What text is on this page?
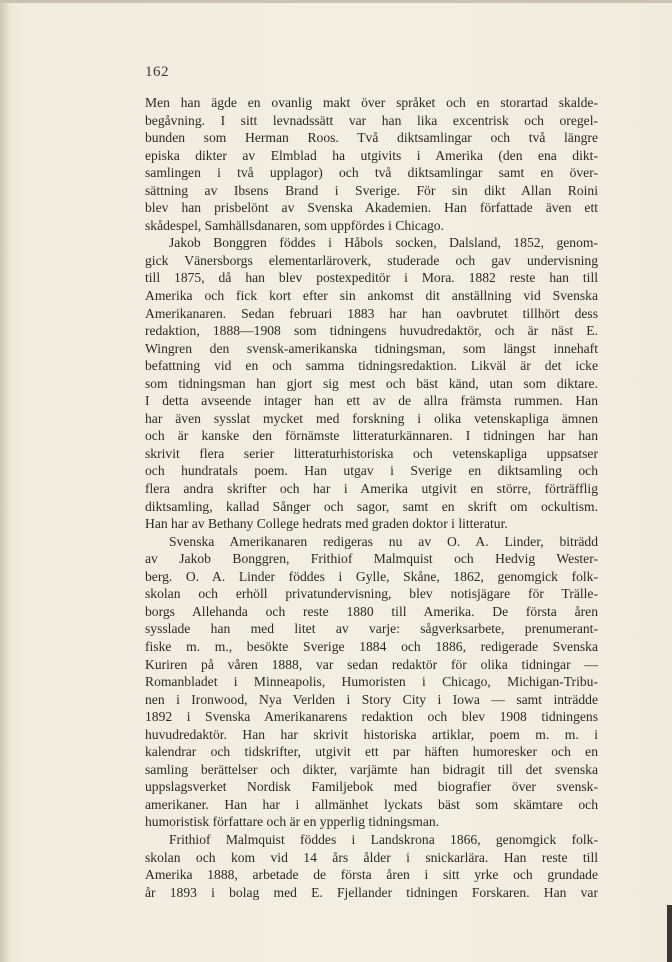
162
Men han ägde en ovanlig makt över språket och en storartad skalde-
begåvning. I sitt levnadssätt var han lika excentrisk och oregel-
bunden som Herman Roos. Två diktsamlingar och två längre
episka dikter av Elmblad ha utgivits i Amerika (den ena dikt-
samlingen i två upplagor) och två diktsamlingar samt en över-
sättning av Ibsens Brand i Sverige. För sin dikt Allan Roini
blev han prisbelönt av Svenska Akademien. Han författade även ett
skådespel, Samhällsdanaren, som uppfördes i Chicago.
Jakob Bonggren föddes i Håbols socken, Dalsland, 1852, genom-
gick Vänersborgs elementarläroverk, studerade och gav undervisning
till 1875, då han blev postexpeditör i Mora. 1882 reste han till
Amerika och fick kort efter sin ankomst dit anställning vid Svenska
Amerikanaren. Sedan februari 1883 har han oavbrutet tillhört dess
redaktion, 1888—1908 som tidningens huvudredaktör, och är näst E.
Wingren den svensk-amerikanska tidningsman, som längst innehaft
befattning vid en och samma tidningsredaktion. Likväl är det icke
som tidningsman han gjort sig mest och bäst känd, utan som diktare.
I detta avseende intager han ett av de allra främsta rummen. Han
har även sysslat mycket med forskning i olika vetenskapliga ämnen
och är kanske den förnämste litteraturkännaren. I tidningen har han
skrivit flera serier litteraturhistoriska och vetenskapliga uppsatser
och hundratals poem. Han utgav i Sverige en diktsamling och
flera andra skrifter och har i Amerika utgivit en större, förträfflig
diktsamling, kallad Sånger och sagor, samt en skrift om ockultism.
Han har av Bethany College hedrats med graden doktor i litteratur.
Svenska Amerikanaren redigeras nu av O. A. Linder, biträdd
av Jakob Bonggren, Frithiof Malmquist och Hedvig Wester-
berg. O. A. Linder föddes i Gylle, Skåne, 1862, genomgick folk-
skolan och erhöll privatundervisning, blev notisjägare för Trälle-
borgs Allehanda och reste 1880 till Amerika. De första åren
sysslade han med litet av varje: sågverksarbete, prenumerant-
fiske m. m., besökte Sverige 1884 och 1886, redigerade Svenska
Kuriren på våren 1888, var sedan redaktör för olika tidningar —
Romanbladet i Minneapolis, Humoristen i Chicago, Michigan-Tribu-
nen i Ironwood, Nya Verlden i Story City i Iowa — samt inträdde
1892 i Svenska Amerikanarens redaktion och blev 1908 tidningens
huvudredaktör. Han har skrivit historiska artiklar, poem m. m. i
kalendrar och tidskrifter, utgivit ett par häften humoresker och en
samling berättelser och dikter, varjämte han bidragit till det svenska
uppslagsverket Nordisk Familjebok med biografier över svensk-
amerikaner. Han har i allmänhet lyckats bäst som skämtare och
humoristisk författare och är en ypperlig tidningsman.
Frithiof Malmquist föddes i Landskrona 1866, genomgick folk-
skolan och kom vid 14 års ålder i snickarlära. Han reste till
Amerika 1888, arbetade de första åren i sitt yrke och grundade
år 1893 i bolag med E. Fjellander tidningen Forskaren. Han var
